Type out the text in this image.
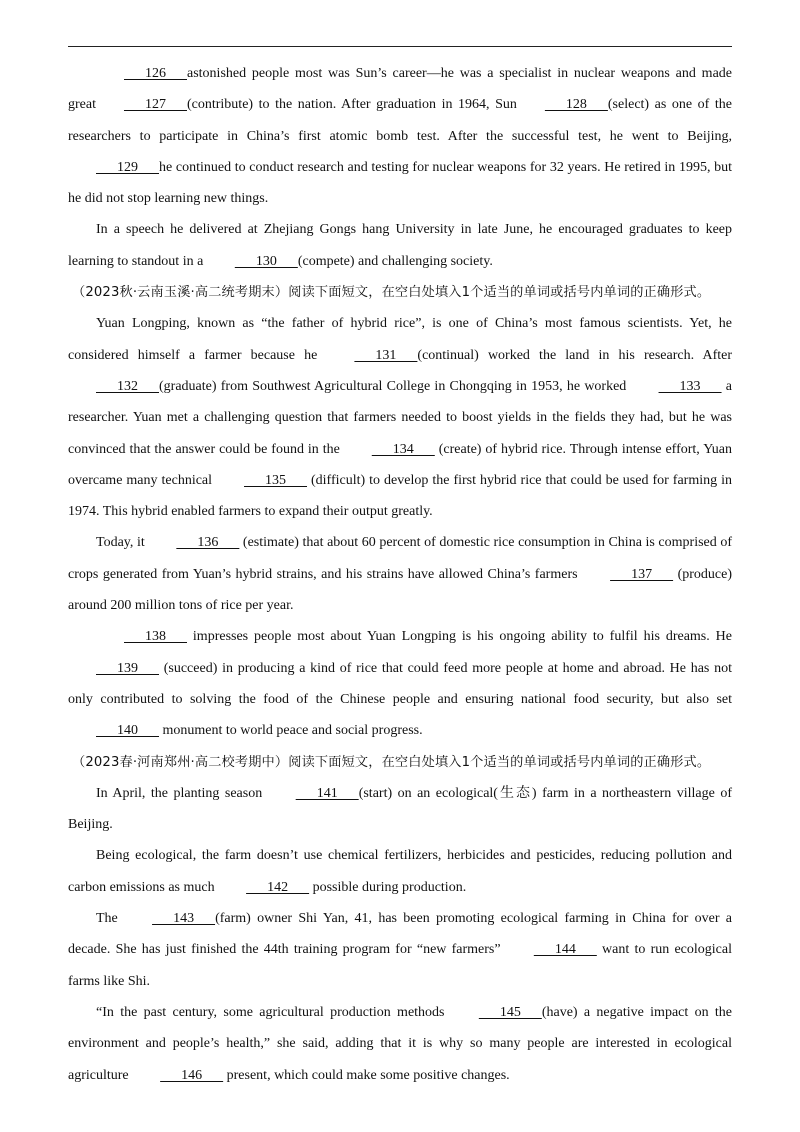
   126   astonished people most was Sun’s career—he was a specialist in nuclear weapons and made great   127   (contribute) to the nation. After graduation in 1964, Sun   128   (select) as one of the researchers to participate in China’s first atomic bomb test. After the successful test, he went to Beijing,   129   he continued to conduct research and testing for nuclear weapons for 32 years. He retired in 1995, but he did not stop learning new things.

In a speech he delivered at Zhejiang Gongs hang University in late June, he encouraged graduates to keep learning to standout in a    130   (compete) and challenging society.

（2023秋·云南玉溪·高二统考期末）阅读下面短文，在空白处填入1个适当的单词或括号内单词的正确形式。

Yuan Longping, known as “the father of hybrid rice”, is one of China’s most famous scientists. Yet, he considered himself a farmer because he    131   (continual) worked the land in his research. After    132   (graduate) from Southwest Agricultural College in Chongqing in 1953, he worked    133    a researcher. Yuan met a challenging question that farmers needed to boost yields in the fields they had, but he was convinced that the answer could be found in the    134    (create) of hybrid rice. Through intense effort, Yuan overcame many technical    135    (difficult) to develop the first hybrid rice that could be used for farming in 1974. This hybrid enabled farmers to expand their output greatly.

Today, it    136    (estimate) that about 60 percent of domestic rice consumption in China is comprised of crops generated from Yuan’s hybrid strains, and his strains have allowed China’s farmers    137    (produce) around 200 million tons of rice per year.

   138    impresses people most about Yuan Longping is his ongoing ability to fulfil his dreams. He    139    (succeed) in producing a kind of rice that could feed more people at home and abroad. He has not only contributed to solving the food of the Chinese people and ensuring national food security, but also set    140    monument to world peace and social progress.

（2023春·河南郑州·高二校考期中）阅读下面短文，在空白处填入1个适当的单词或括号内单词的正确形式。

In April, the planting season    141   (start) on an ecological(生态) farm in a northeastern village of Beijing.

Being ecological, the farm doesn’t use chemical fertilizers, herbicides and pesticides, reducing pollution and carbon emissions as much    142    possible during production.

The    143   (farm) owner Shi Yan, 41, has been promoting ecological farming in China for over a decade. She has just finished the 44th training program for “new farmers”    144    want to run ecological farms like Shi.

“In the past century, some agricultural production methods    145   (have) a negative impact on the environment and people’s health,” she said, adding that it is why so many people are interested in ecological agriculture    146    present, which could make some positive changes.
